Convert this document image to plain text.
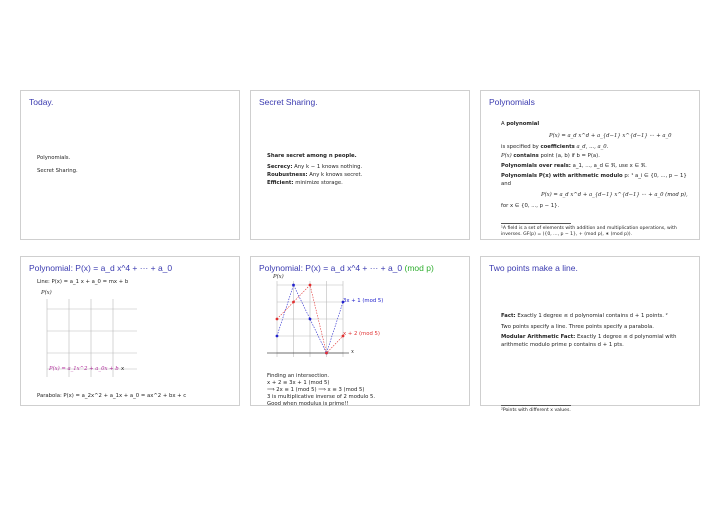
Today.
Polynomials.
Secret Sharing.
Secret Sharing.
Share secret among n people.
Secrecy: Any k − 1 knows nothing.
Roubustness: Any k knows secret.
Efficient: minimize storage.
Polynomials
A polynomial
P(x) = a_d x^d + a_{d−1} x^{d−1} ··· + a_0
is specified by coefficients a_d, ..., a_0.
P(x) contains point (a, b) if b = P(a).
Polynomials over reals: a_1, ..., a_d ∈ ℜ, use x ∈ ℜ.
Polynomials P(x) with arithmetic modulo p: ¹ a_i ∈ {0, ..., p − 1}
and
P(x) = a_d x^d + a_{d−1} x^{d−1} ··· + a_0 (mod p),
for x ∈ {0, ..., p − 1}.
¹A field is a set of elements with addition and multiplication operations, with inverses. GF(p) = ({0, ..., p − 1}, + (mod p), ∗ (mod p)).
Polynomial: P(x) = a_d x^4 + ··· + a_0
Line: P(x) = a_1 x + a_0 = mx + b
P(x)
P(x) = a_1x^2 + a_0x + b x
Parabola: P(x) = a_2x^2 + a_1x + a_0 = ax^2 + bx + c
Polynomial: P(x) = a_d x^4 + ··· + a_0 (mod p)
P(x)
3x + 1 (mod 5)
x + 2 (mod 5)
x
Finding an intersection.
x + 2 ≡ 3x + 1 (mod 5)
⟹ 2x ≡ 1 (mod 5) ⟹ x ≡ 3 (mod 5)
3 is multiplicative inverse of 2 modulo 5.
Good when modulus is prime!!
Two points make a line.
Fact: Exactly 1 degree ≤ d polynomial contains d + 1 points. ²
Two points specify a line. Three points specify a parabola.
Modular Arithmetic Fact: Exactly 1 degree ≤ d polynomial with
arithmetic modulo prime p contains d + 1 pts.
²Points with different x values.
